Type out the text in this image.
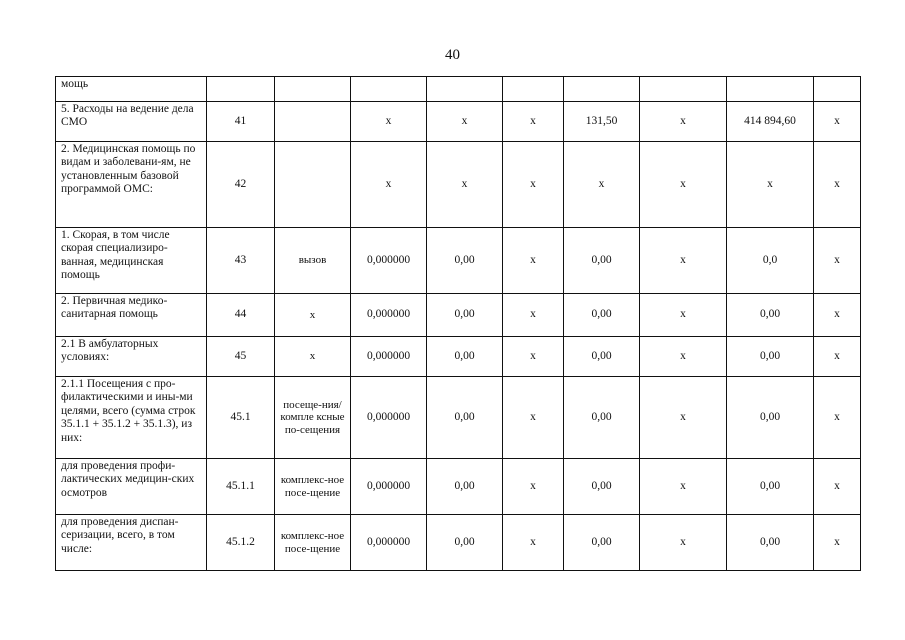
40
мощь									
5. Расходы на ведение дела СМО	41		х	х	х	131,50	х	414 894,60	х
2. Медицинская помощь по видам и заболевани-ям, не установленным базовой программой ОМС:	42		х	х	х	х	х	х	х
1. Скорая, в том числе скорая специализиро-ванная, медицинская помощь	43	вызов	0,000000	0,00	х	0,00	х	0,0	х
2. Первичная медико-санитарная помощь	44	х	0,000000	0,00	х	0,00	х	0,00	х
2.1 В амбулаторных условиях:	45	х	0,000000	0,00	х	0,00	х	0,00	х
2.1.1 Посещения с про-филактическими и ины-ми целями, всего (сумма строк 35.1.1 + 35.1.2 + 35.1.3), из них:	45.1	посеще-ния/компле ксные по-сещения	0,000000	0,00	х	0,00	х	0,00	х
для проведения профи-лактических медицин-ских осмотров	45.1.1	комплекс-ное посе-щение	0,000000	0,00	х	0,00	х	0,00	х
для проведения диспан-серизации, всего, в том числе:	45.1.2	комплекс-ное посе-щение	0,000000	0,00	х	0,00	х	0,00	х
